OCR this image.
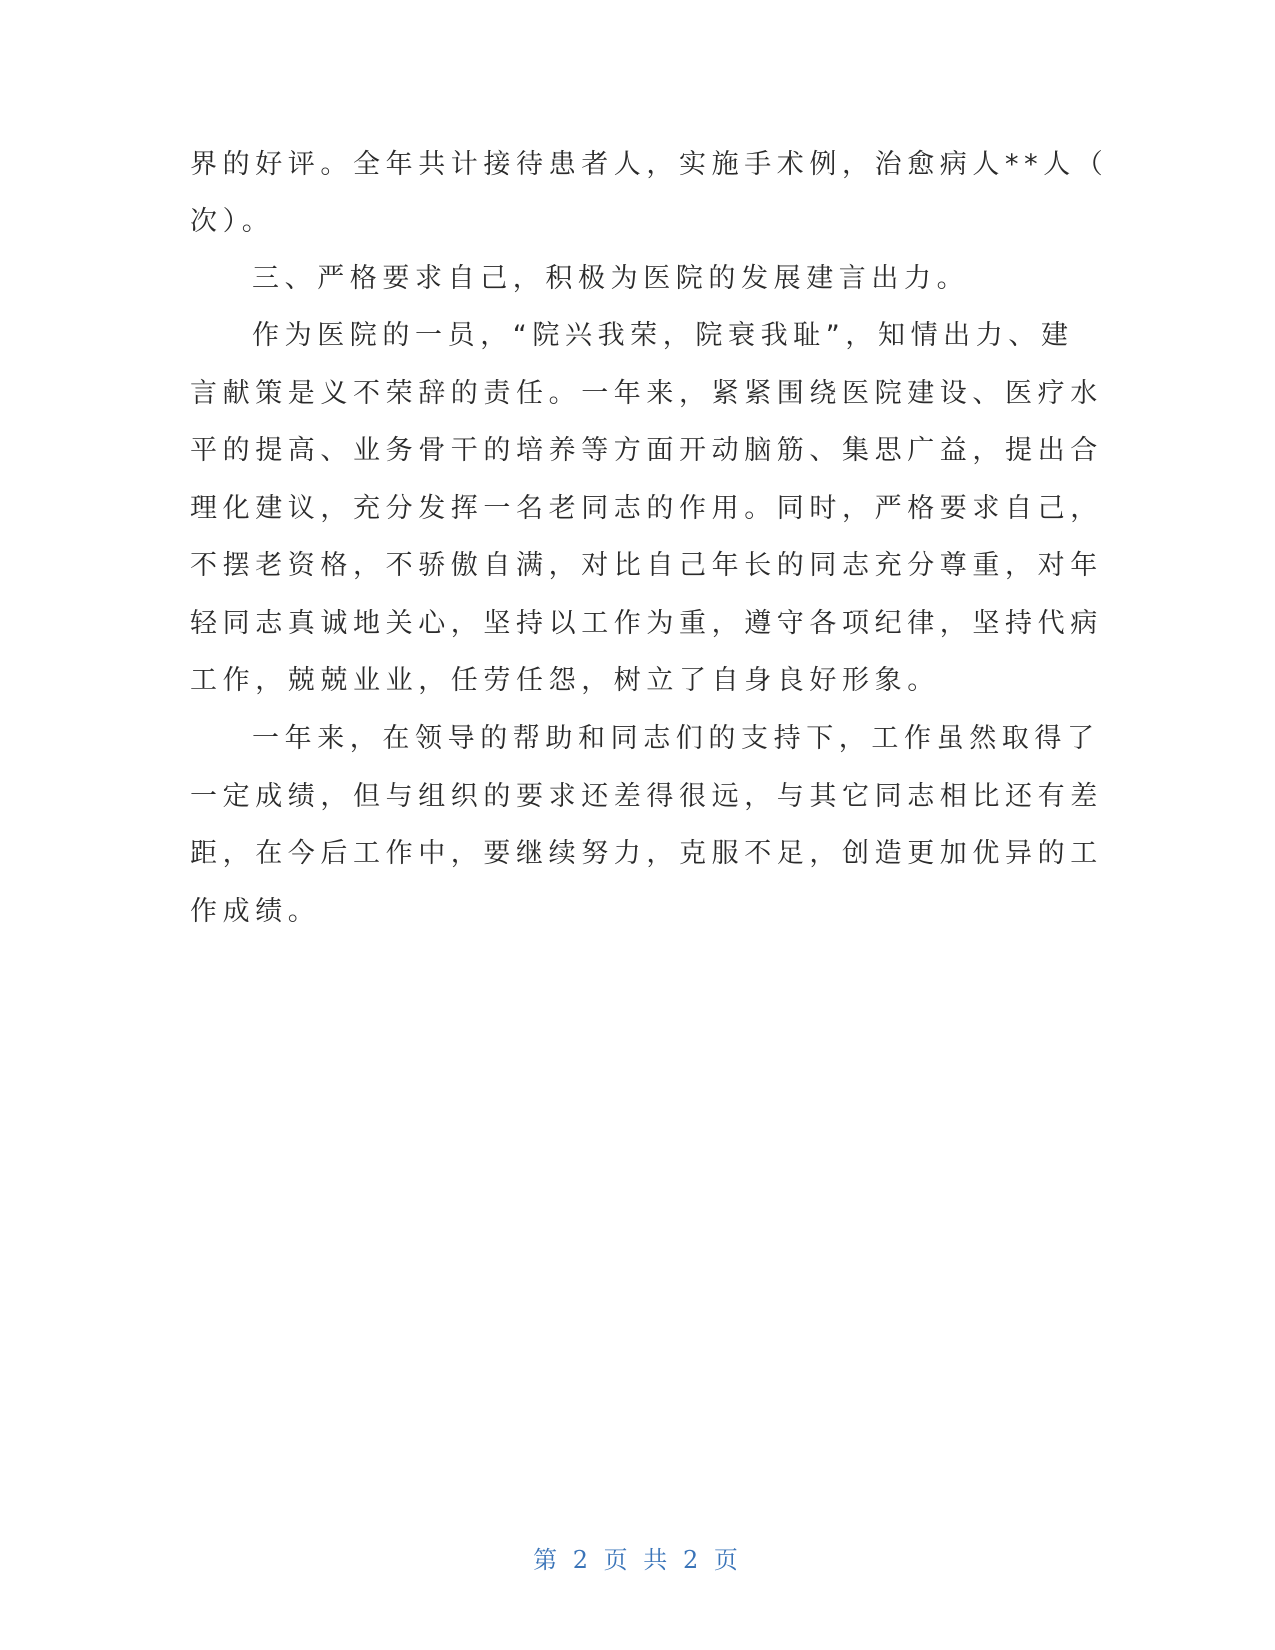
界的好评。全年共计接待患者人，实施手术例，治愈病人**人（
次）。
三、严格要求自己，积极为医院的发展建言出力。
作为医院的一员，“院兴我荣，院衰我耻”，知情出力、建
言献策是义不荣辞的责任。一年来，紧紧围绕医院建设、医疗水
平的提高、业务骨干的培养等方面开动脑筋、集思广益，提出合
理化建议，充分发挥一名老同志的作用。同时，严格要求自己，
不摆老资格，不骄傲自满，对比自己年长的同志充分尊重，对年
轻同志真诚地关心，坚持以工作为重，遵守各项纪律，坚持代病
工作，兢兢业业，任劳任怨，树立了自身良好形象。
一年来，在领导的帮助和同志们的支持下，工作虽然取得了
一定成绩，但与组织的要求还差得很远，与其它同志相比还有差
距，在今后工作中，要继续努力，克服不足，创造更加优异的工
作成绩。
第 2 页 共 2 页
